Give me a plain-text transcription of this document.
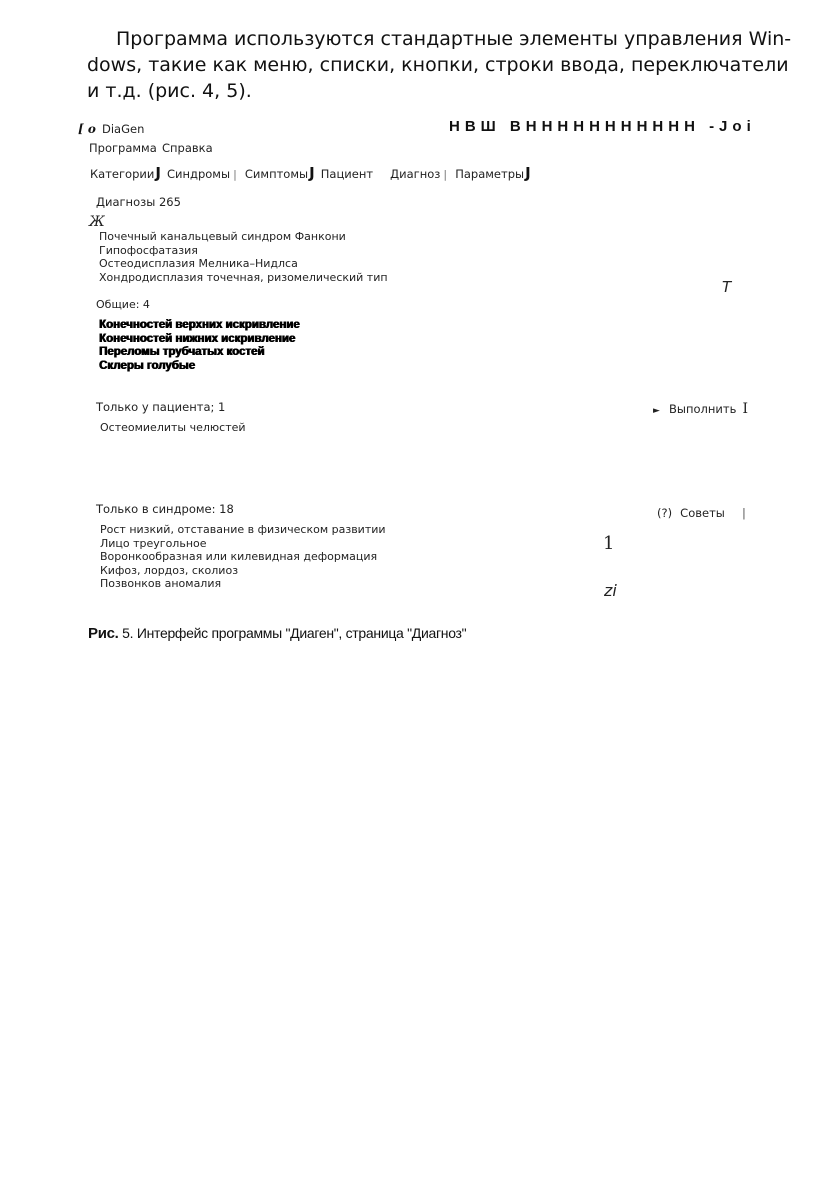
Программа используются стандартные элементы управления Win-
dows, такие как меню, списки, кнопки, строки ввода, переключатели
и т.д. (рис. 4, 5).
[ o DiaGen	НВШ ВННННННННННН -Joi
Программа Справка
КатегорииJ Синдромы | СимптомыJ Пациент Диагноз | ПараметрыJ
Диагнозы 265
Ж
Почечный канальцевый синдром Фанкони
Гипофосфатазия
Остеодисплазия Мелника–Нидлса
Хондродисплазия точечная, ризомелический тип
T
Общие: 4
Конечностей верхних искривление
Конечностей нижних искривление
Переломы трубчатых костей
Склеры голубые
Только у пациента; 1
Остеомиелиты челюстей
► Выполнить I
Только в синдроме: 18
Рост низкий, отставание в физическом развитии
Лицо треугольное
Воронкообразная или килевидная деформация
Кифоз, лордоз, сколиоз
Позвонков аномалия
(?) Советы |
1
zi
Рис. 5. Интерфейс программы "Диаген", страница "Диагноз"
